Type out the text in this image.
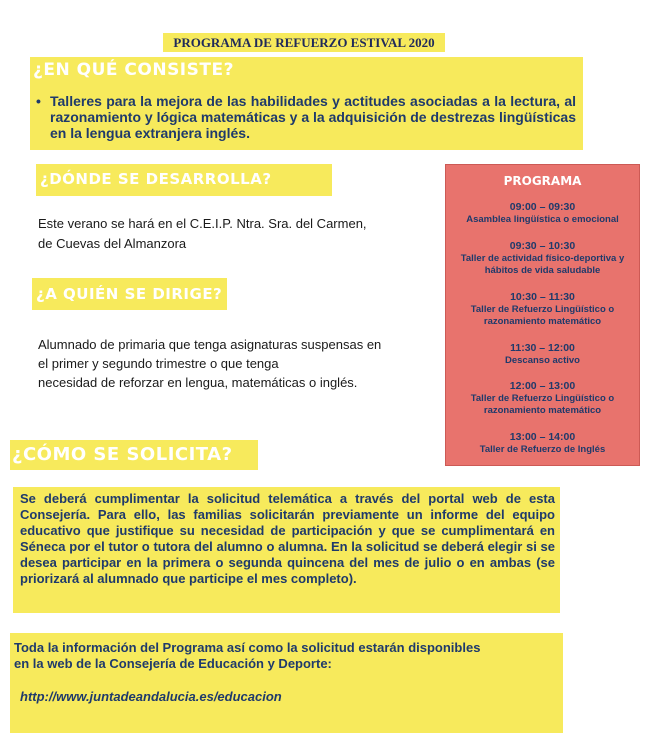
PROGRAMA DE REFUERZO ESTIVAL 2020
¿EN QUÉ CONSISTE?
• Talleres para la mejora de las habilidades y actitudes asociadas a la lectura, al razonamiento y lógica matemáticas y a la adquisición de destrezas lingüísticas en la lengua extranjera inglés.
¿DÓNDE SE DESARROLLA?
Este verano se hará en el C.E.I.P. Ntra. Sra. del Carmen,
de Cuevas del Almanzora
¿A QUIÉN SE DIRIGE?
Alumnado de primaria que tenga asignaturas suspensas en
el primer y segundo trimestre o que tenga
necesidad de reforzar en lengua, matemáticas o inglés.
PROGRAMA
09:00 – 09:30
Asamblea lingüística o emocional
09:30 – 10:30
Taller de actividad físico-deportiva y
hábitos de vida saludable
10:30 – 11:30
Taller de Refuerzo Lingüístico o
razonamiento matemático
11:30 – 12:00
Descanso activo
12:00 – 13:00
Taller de Refuerzo Lingüístico o
razonamiento matemático
13:00 – 14:00
Taller de Refuerzo de Inglés
¿CÓMO SE SOLICITA?
Se deberá cumplimentar la solicitud telemática a través del portal web de esta Consejería. Para ello, las familias solicitarán previamente un informe del equipo educativo que justifique su necesidad de participación y que se cumplimentará en Séneca por el tutor o tutora del alumno o alumna. En la solicitud se deberá elegir si se desea participar en la primera o segunda quincena del mes de julio o en ambas (se priorizará al alumnado que participe el mes completo).
Toda la información del Programa así como la solicitud estarán disponibles
en la web de la Consejería de Educación y Deporte:
http://www.juntadeandalucia.es/educacion
